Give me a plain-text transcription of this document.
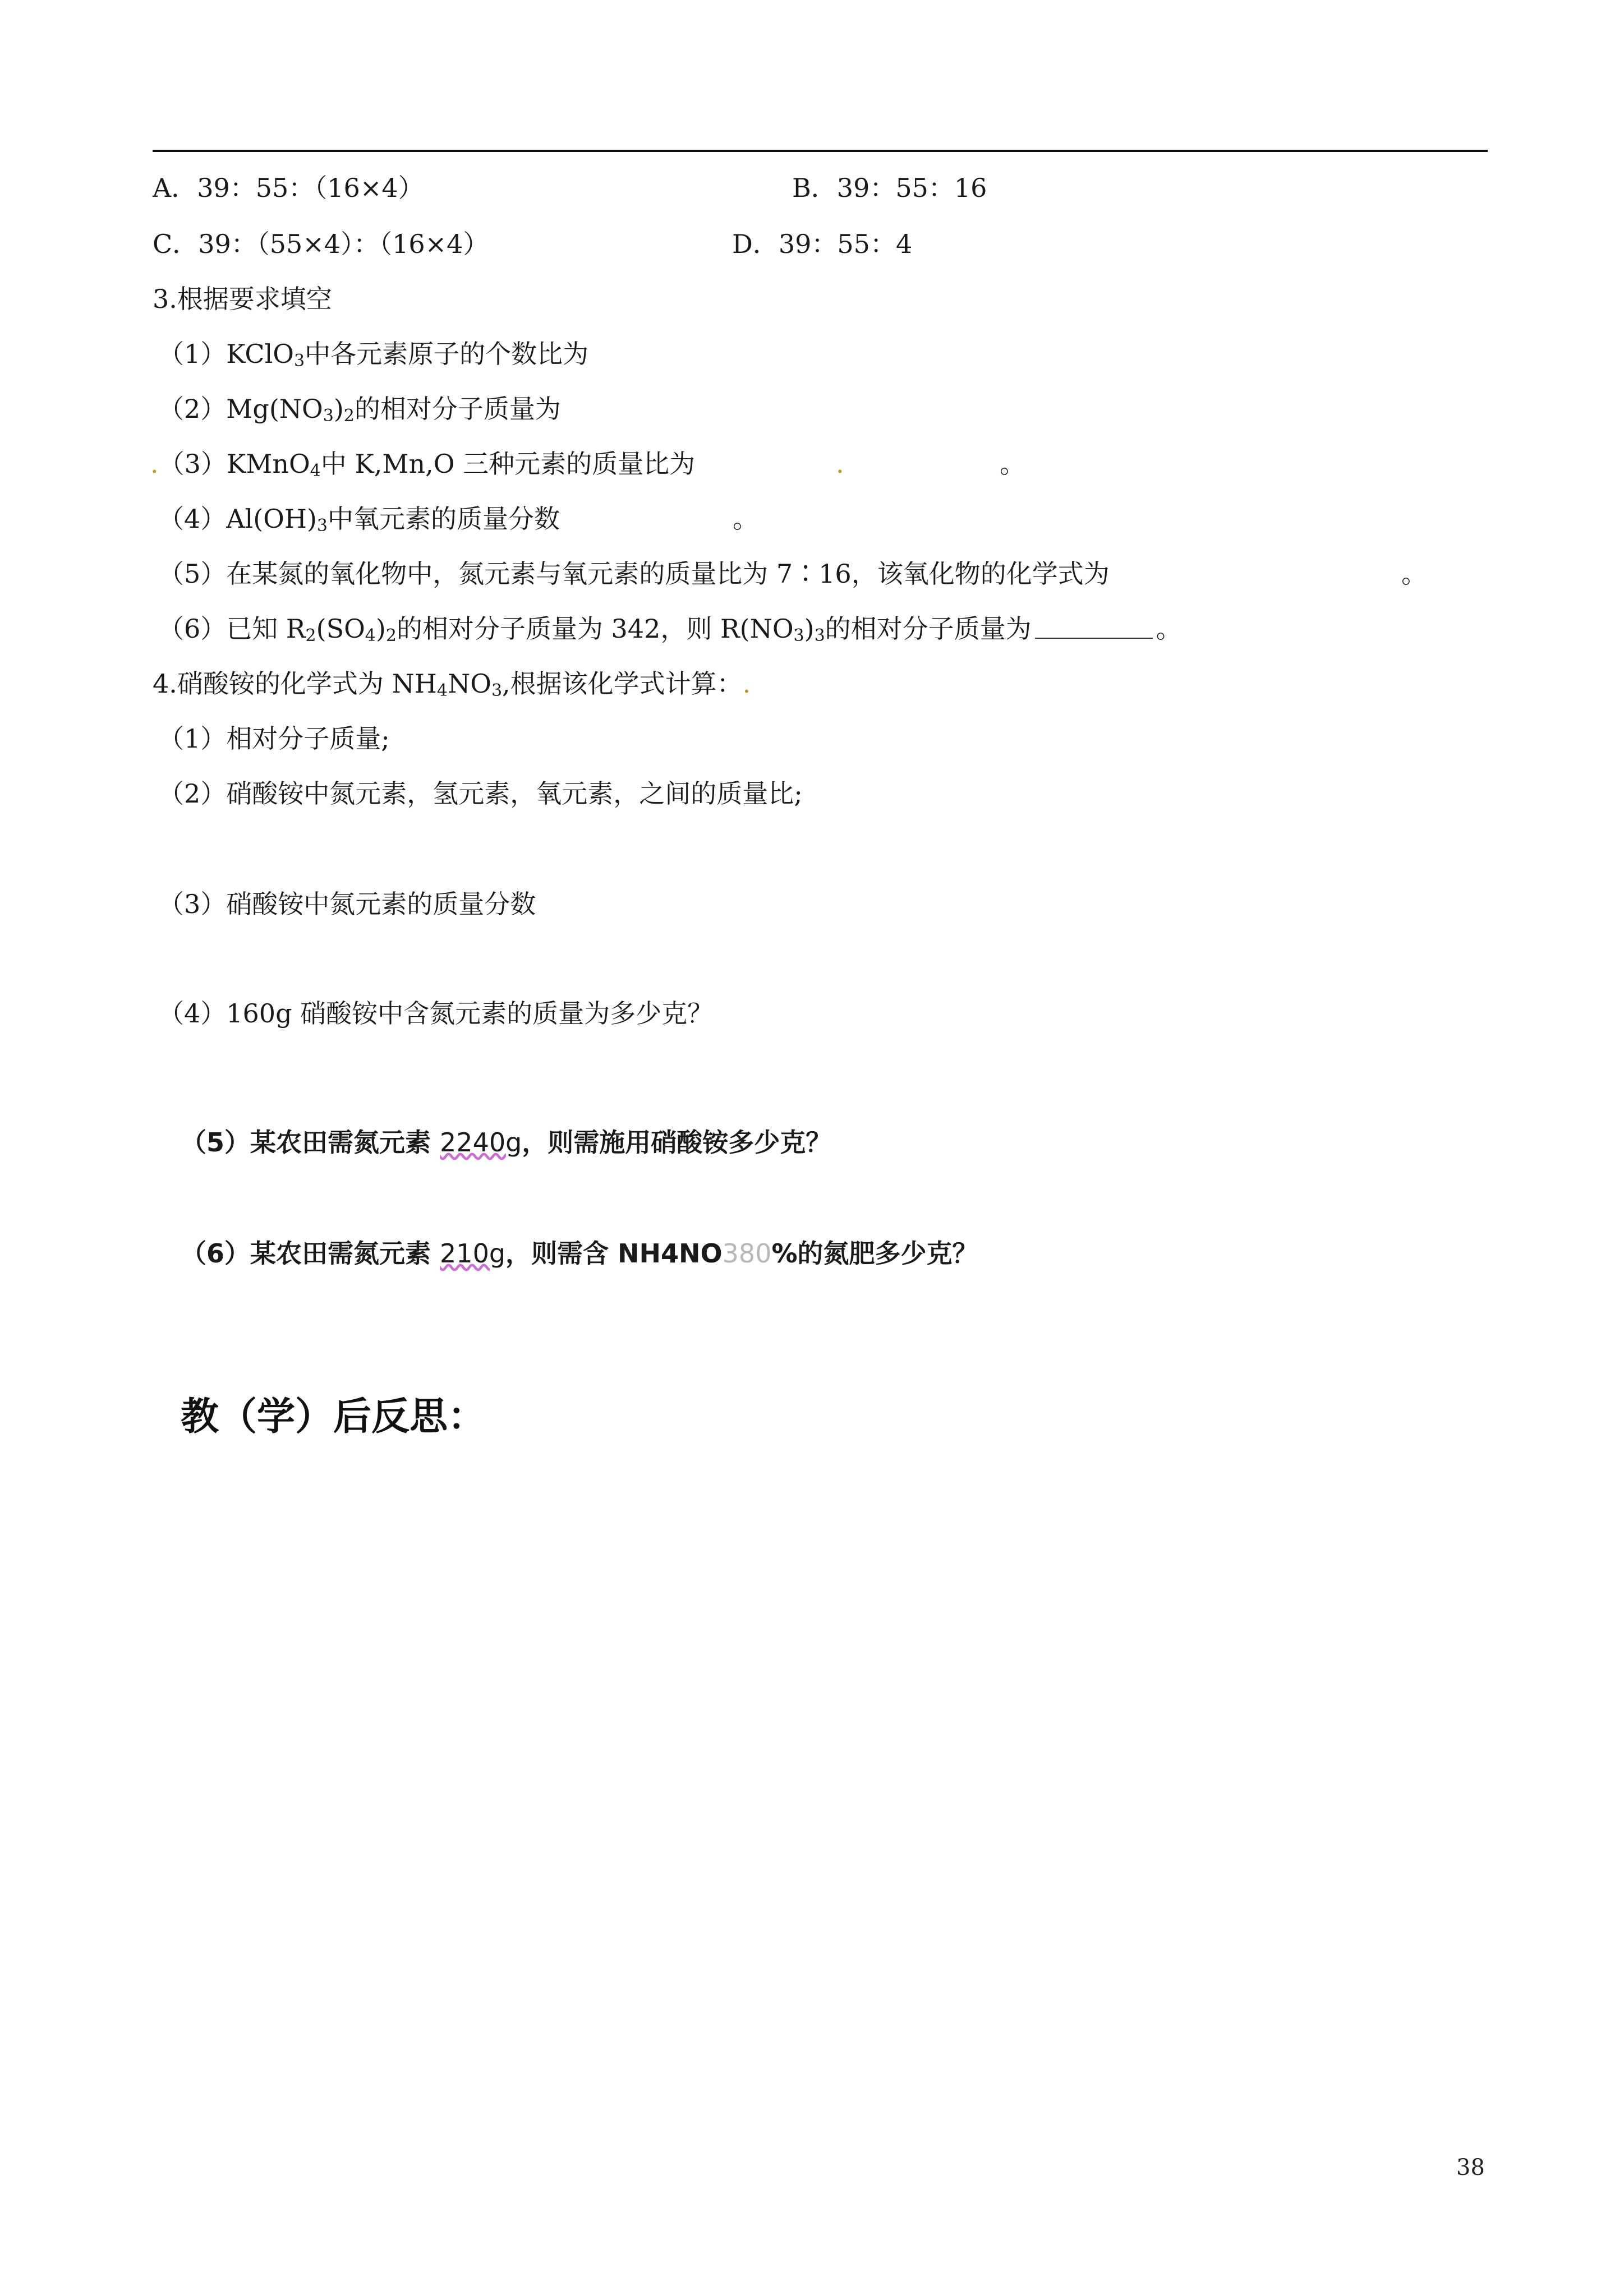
A．39：55：（16×4）	B．39：55：16
C．39：（55×4）：（16×4）	D．39：55：4
3.根据要求填空
（1）KClO$_3$中各元素原子的个数比为
$(2)Mg(NO_3)_2$的相对分子质量为
.（3）KMnO$_4$中 K,Mn,O 三种元素的质量比为	.	。
$(4)Al(OH)_3$中氧元素的质量分数	。
（5）在某氮的氧化物中，氮元素与氧元素的质量比为 7∶16，该氧化物的化学式为	。
（6）已知 $R_2(SO_4)_2$的相对分子质量为 342，则 $R(NO_3)_3$的相对分子质量为	。
4.硝酸铵的化学式为 $NH_4NO_3$,根据该化学式计算：.
（1）相对分子质量;
（2）硝酸铵中氮元素，氢元素，氧元素，之间的质量比;
（3）硝酸铵中氮元素的质量分数
（4）160g 硝酸铵中含氮元素的质量为多少克？
（5）某农田需氮元素 2240g，则需施用硝酸铵多少克？
（6）某农田需氮元素 210g，则需含 NH4NO380%的氮肥多少克？
教（学）后反思：
38
